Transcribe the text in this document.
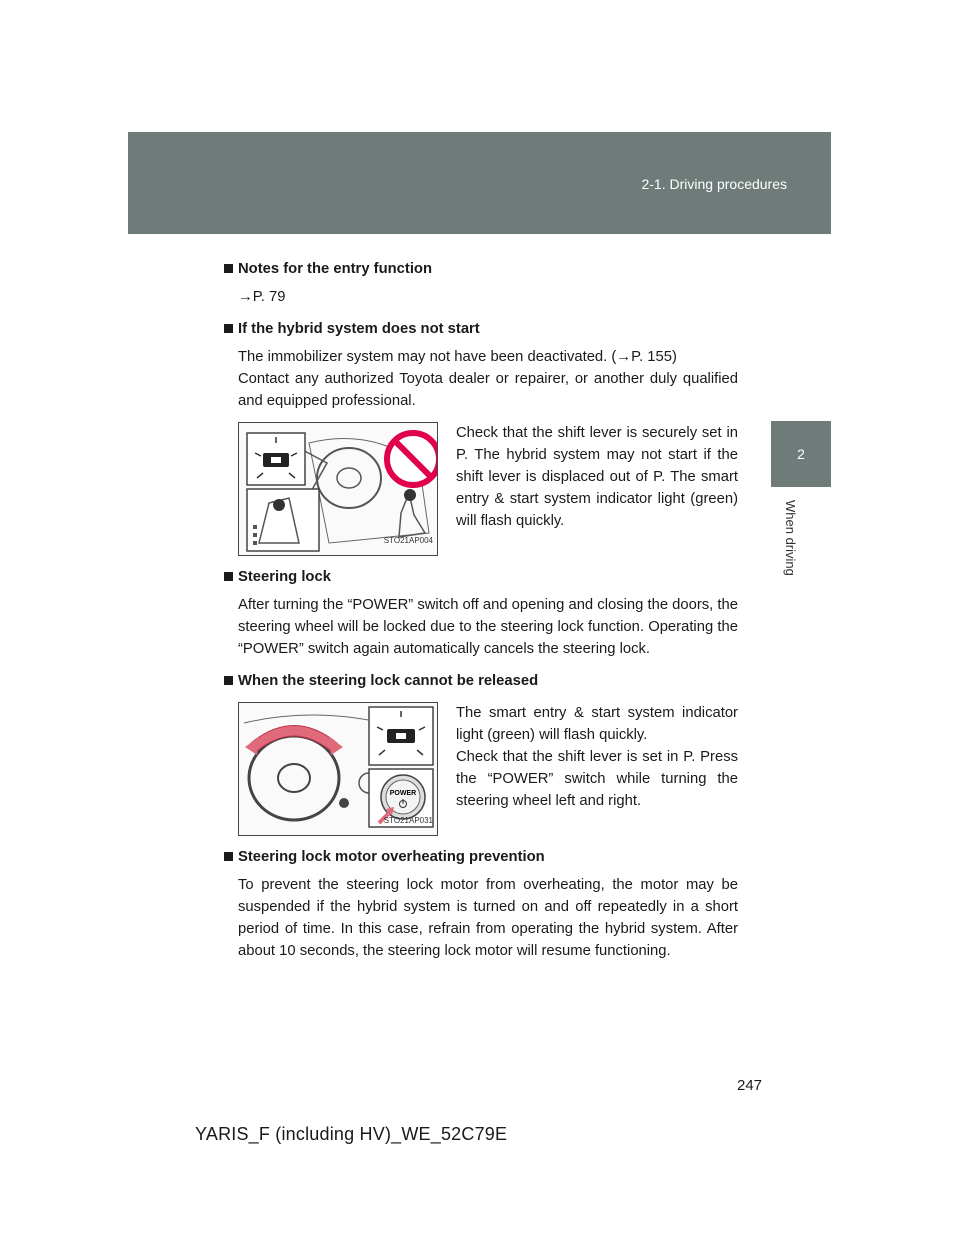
2-1. Driving procedures
2
When driving

Notes for the entry function

→P. 79

If the hybrid system does not start

The immobilizer system may not have been deactivated. (→P. 155)

Contact any authorized Toyota dealer or repairer, or another duly qualified and equipped professional.

STO21AP004

Check that the shift lever is securely set in P. The hybrid system may not start if the shift lever is displaced out of P. The smart entry & start system indicator light (green) will flash quickly.

Steering lock

After turning the “POWER” switch off and opening and closing the doors, the steering wheel will be locked due to the steering lock function. Operating the “POWER” switch again automatically cancels the steering lock.

When the steering lock cannot be released

POWER
STO21AP031

The smart entry & start system indicator light (green) will flash quickly.

Check that the shift lever is set in P. Press the “POWER” switch while turning the steering wheel left and right.

Steering lock motor overheating prevention

To prevent the steering lock motor from overheating, the motor may be suspended if the hybrid system is turned on and off repeatedly in a short period of time. In this case, refrain from operating the hybrid system. After about 10 seconds, the steering lock motor will resume functioning.

247
YARIS_F (including HV)_WE_52C79E
